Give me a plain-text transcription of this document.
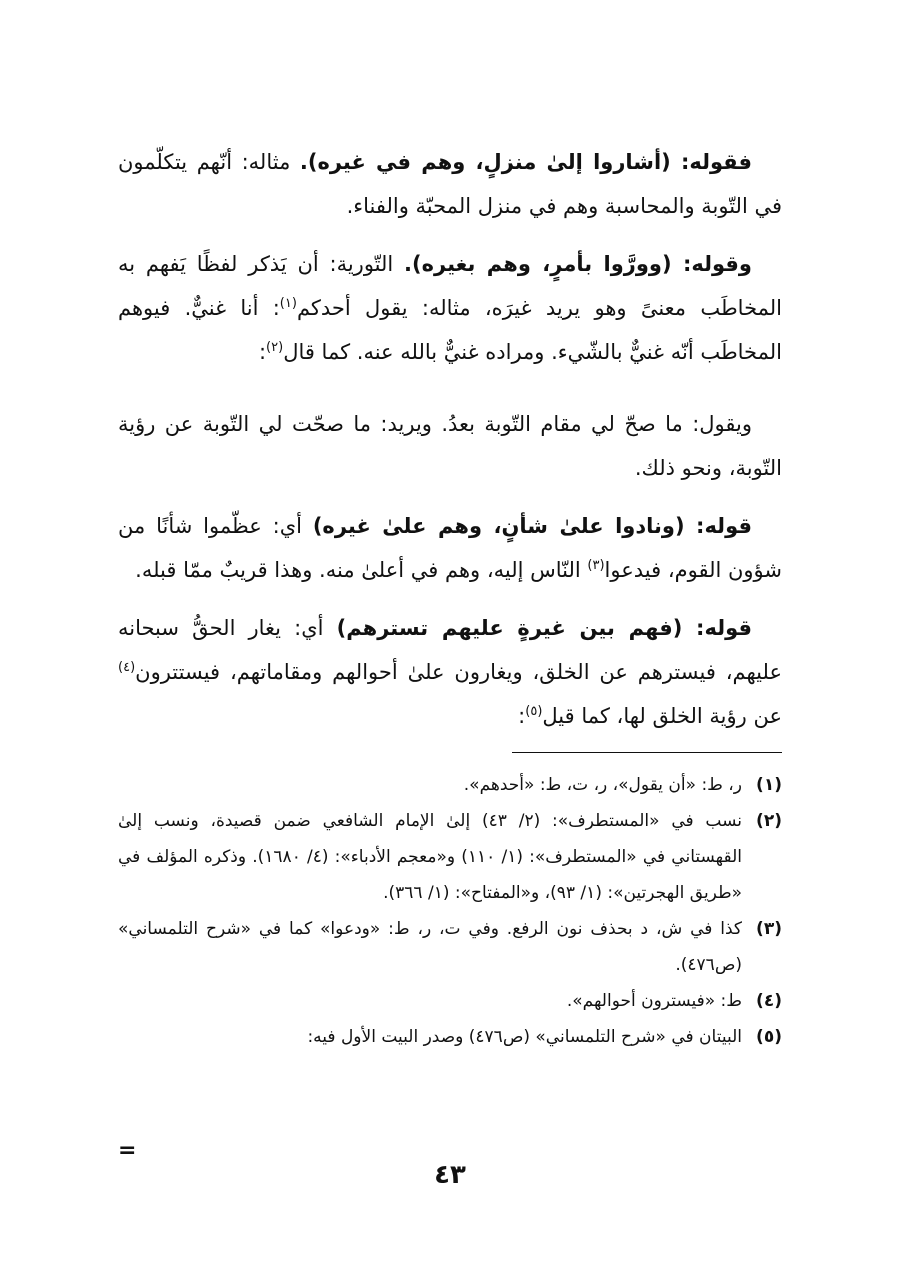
فقوله: (أشاروا إلىٰ منزلٍ، وهم في غيره). مثاله: أنّهم يتكلّمون في التّوبة والمحاسبة وهم في منزل المحبّة والفناء.

وقوله: (وورَّوا بأمرٍ، وهم بغيره). التّورية: أن يَذكر لفظًا يَفهم به المخاطَب معنىً وهو يريد غيرَه، مثاله: يقول أحدكم$^{(١)}$: أنا غنيٌّ. فيوهم المخاطَب أنّه غنيٌّ بالشّيء. ومراده غنيٌّ بالله عنه. كما قال$^{(٢)}$:

ويقول: ما صحّ لي مقام التّوبة بعدُ. ويريد: ما صحّت لي التّوبة عن رؤية التّوبة، ونحو ذلك.

قوله: (ونادوا علىٰ شأنٍ، وهم علىٰ غيره) أي: عظّموا شأنًا من شؤون القوم، فيدعوا$^{(٣)}$ النّاس إليه، وهم في أعلىٰ منه. وهذا قريبٌ ممّا قبله.

قوله: (فهم بين غيرةٍ عليهم تسترهم) أي: يغار الحقُّ سبحانه عليهم، فيسترهم عن الخلق، ويغارون علىٰ أحوالهم ومقاماتهم، فيستترون$^{(٤)}$ عن رؤية الخلق لها، كما قيل$^{(٥)}$:

(١)
ر، ط: «أن يقول»، ر، ت، ط: «أحدهم».
(٢)
نسب في «المستطرف»: (٢/ ٤٣) إلىٰ الإمام الشافعي ضمن قصيدة، ونسب إلىٰ القهستاني في «المستطرف»: (١/ ١١٠) و«معجم الأدباء»: (٤/ ١٦٨٠). وذكره المؤلف في «طريق الهجرتين»: (١/ ٩٣)، و«المفتاح»: (١/ ٣٦٦).
(٣)
كذا في ش، د بحذف نون الرفع. وفي ت، ر، ط: «ودعوا» كما في «شرح التلمساني» (ص٤٧٦).
(٤)
ط: «فيسترون أحوالهم».
(٥)
البيتان في «شرح التلمساني» (ص٤٧٦) وصدر البيت الأول فيه:
=
٤٣
